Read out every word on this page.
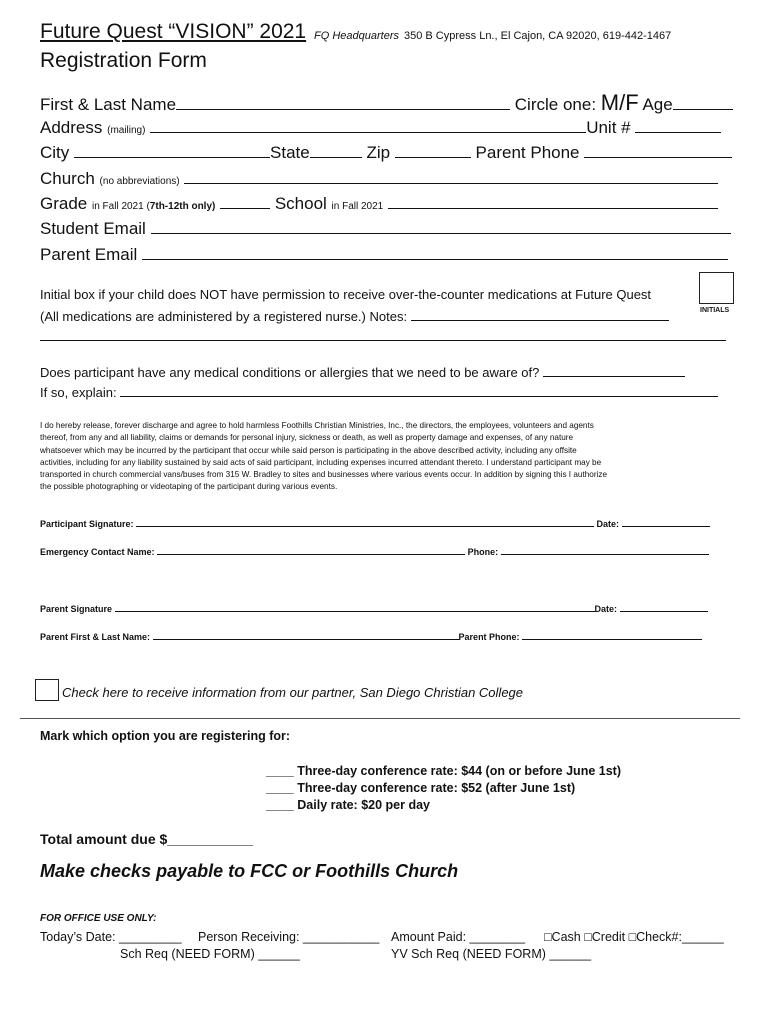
Future Quest “VISION” 2021 FQ Headquarters 350 B Cypress Ln., El Cajon, CA 92020, 619-442-1467
Registration Form
First & Last Name	Circle one: M/F Age
Address (mailing)	Unit #
City	State	Zip	Parent Phone
Church (no abbreviations)
Grade in Fall 2021 (7th-12th only)	School in Fall 2021
Student Email
Parent Email
Initial box if your child does NOT have permission to receive over-the-counter medications at Future Quest
(All medications are administered by a registered nurse.) Notes:	INITIALS
Does participant have any medical conditions or allergies that we need to be aware of?
If so, explain:
I do hereby release, forever discharge and agree to hold harmless Foothills Christian Ministries, Inc., the directors, the employees, volunteers and agents
thereof, from any and all liability, claims or demands for personal injury, sickness or death, as well as property damage and expenses, of any nature
whatsoever which may be incurred by the participant that occur while said person is participating in the above described activity, including any offsite
activities, including for any liability sustained by said acts of said participant, including expenses incurred attendant thereto. I understand participant may be
transported in church commercial vans/buses from 315 W. Bradley to sites and businesses where various events occur. In addition by signing this I authorize
the possible photographing or videotaping of the participant during various events.
Participant Signature:	Date:
Emergency Contact Name:	Phone:
Parent Signature	Date:
Parent First & Last Name:	Parent Phone:
Check here to receive information from our partner, San Diego Christian College
Mark which option you are registering for:
____ Three-day conference rate: $44 (on or before June 1st)
____ Three-day conference rate: $52 (after June 1st)
____ Daily rate: $20 per day
Total amount due $___________
Make checks payable to FCC or Foothills Church
FOR OFFICE USE ONLY:
Today’s Date: _________ Person Receiving: ___________ Amount Paid: ________ □Cash □Credit □Check#:______
Sch Req (NEED FORM) ______	YV Sch Req (NEED FORM) ______
